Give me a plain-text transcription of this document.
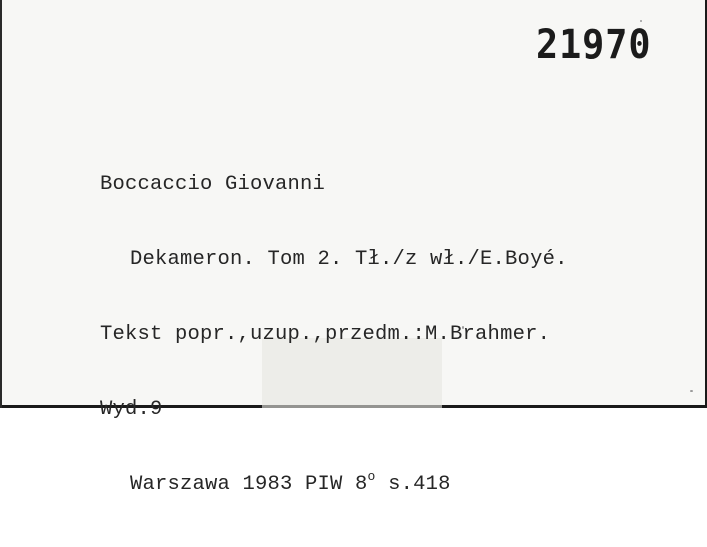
21970

Boccaccio Giovanni

Dekameron. Tom 2. Tł./z wł./E.Boyé.

Tekst popr.,uzup.,przedm.:M.Brahmer.

Wyd.9

Warszawa 1983 PIW 8$^o$ s.418
